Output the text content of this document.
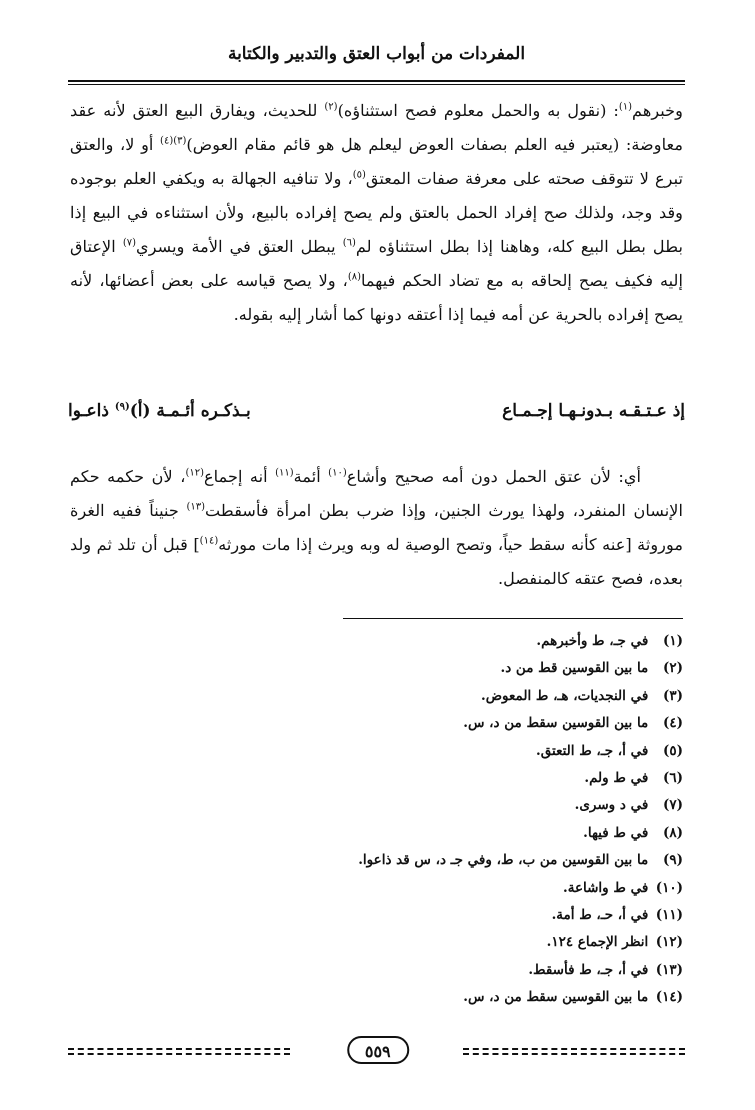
المفردات من أبواب العتق والتدبير والكتابة

وخبرهم$^{(١)}$: (نقول به والحمل معلوم فصح استثناؤه)$^{(٢)}$ للحديث، ويفارق البيع العتق لأنه عقد معاوضة: (يعتبر فيه العلم بصفات العوض ليعلم هل هو قائم مقام العوض)$^{(٣)(٤)}$ أو لا، والعتق تبرع لا تتوقف صحته على معرفة صفات المعتق$^{(٥)}$، ولا تنافيه الجهالة به ويكفي العلم بوجوده وقد وجد، ولذلك صح إفراد الحمل بالعتق ولم يصح إفراده بالبيع، ولأن استثناءه في البيع إذا بطل بطل البيع كله، وهاهنا إذا بطل استثناؤه لم$^{(٦)}$ يبطل العتق في الأمة ويسري$^{(٧)}$ الإعتاق إليه فكيف يصح إلحاقه به مع تضاد الحكم فيهما$^{(٨)}$، ولا يصح قياسه على بعض أعضائها، لأنه يصح إفراده بالحرية عن أمه فيما إذا أعتقه دونها كما أشار إليه بقوله.

إذ عـتـقـه بـدونـهـا إجـمـاع
بـذكـره أئـمـة (أ)$^{(٩)}$ ذاعـوا

أي: لأن عتق الحمل دون أمه صحيح وأشاع$^{(١٠)}$ أئمة$^{(١١)}$ أنه إجماع$^{(١٢)}$، لأن حكمه حكم الإنسان المنفرد، ولهذا يورث الجنين، وإذا ضرب بطن امرأة فأسقطت$^{(١٣)}$ جنيناً ففيه الغرة موروثة [عنه كأنه سقط حياً، وتصح الوصية له وبه ويرث إذا مات مورثه$^{(١٤)}$] قبل أن تلد ثم ولد بعده، فصح عتقه كالمنفصل.

(١) في جـ، ط وأخبرهم.
(٢) ما بين القوسين قط من د.
(٣) في النجديات، هـ، ط المعوض.
(٤) ما بين القوسين سقط من د، س.
(٥) في أ، جـ، ط التعتق.
(٦) في ط ولم.
(٧) في د وسرى.
(٨) في ط فيها.
(٩) ما بين القوسين من ب، ط، وفي جـ د، س قد ذاعوا.
(١٠) في ط واشاعة.
(١١) في أ، حـ، ط أمة.
(١٢) انظر الإجماع ١٢٤.
(١٣) في أ، جـ، ط فأسقط.
(١٤) ما بين القوسين سقط من د، س.
٥٥٩
